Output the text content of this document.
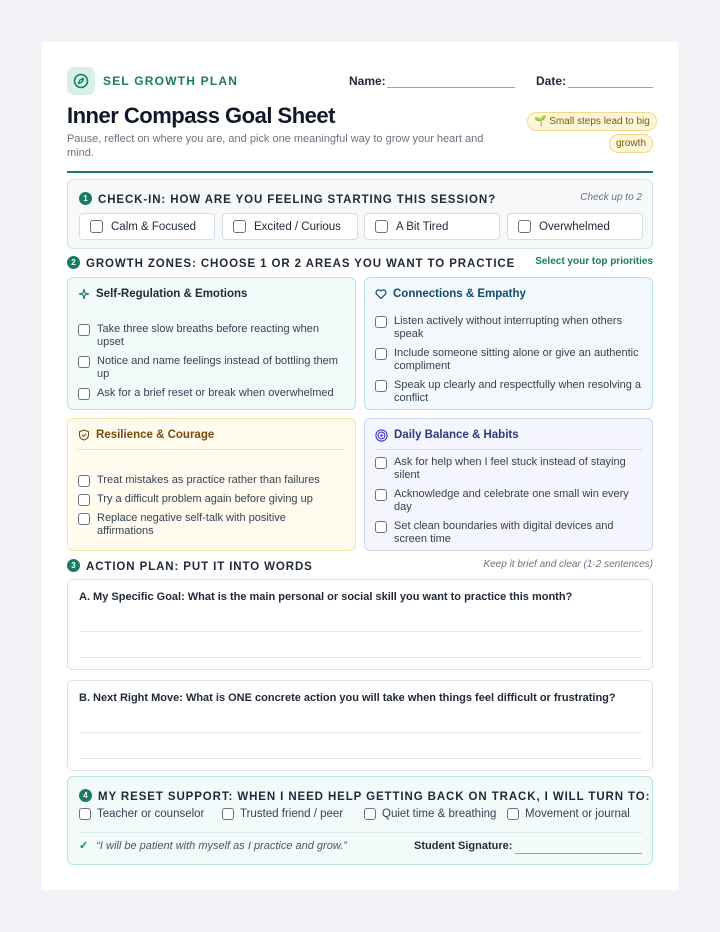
SEL GROWTH PLAN	Name:	Date:
Inner Compass Goal Sheet
Pause, reflect on where you are, and pick one meaningful way to grow your heart and mind.
🌱 Small steps lead to big growth
1 CHECK-IN: HOW ARE YOU FEELING STARTING THIS SESSION?	Check up to 2
Calm & Focused	Excited / Curious	A Bit Tired	Overwhelmed
2 GROWTH ZONES: CHOOSE 1 OR 2 AREAS YOU WANT TO PRACTICE Select your top priorities
Self-Regulation & Emotions
Take three slow breaths before reacting when upset
Notice and name feelings instead of bottling them up
Ask for a brief reset or break when overwhelmed
Connections & Empathy
Listen actively without interrupting when others speak
Include someone sitting alone or give an authentic compliment
Speak up clearly and respectfully when resolving a conflict
Resilience & Courage
Treat mistakes as practice rather than failures
Try a difficult problem again before giving up
Replace negative self-talk with positive affirmations
Daily Balance & Habits
Ask for help when I feel stuck instead of staying silent
Acknowledge and celebrate one small win every day
Set clean boundaries with digital devices and screen time
3 ACTION PLAN: PUT IT INTO WORDS	Keep it brief and clear (1-2 sentences)
A. My Specific Goal: What is the main personal or social skill you want to practice this month?
B. Next Right Move: What is ONE concrete action you will take when things feel difficult or frustrating?
4 MY RESET SUPPORT: WHEN I NEED HELP GETTING BACK ON TRACK, I WILL TURN TO:
Teacher or counselor	Trusted friend / peer	Quiet time & breathing Movement or journal
✓ “I will be patient with myself as I practice and grow.”	Student Signature:
